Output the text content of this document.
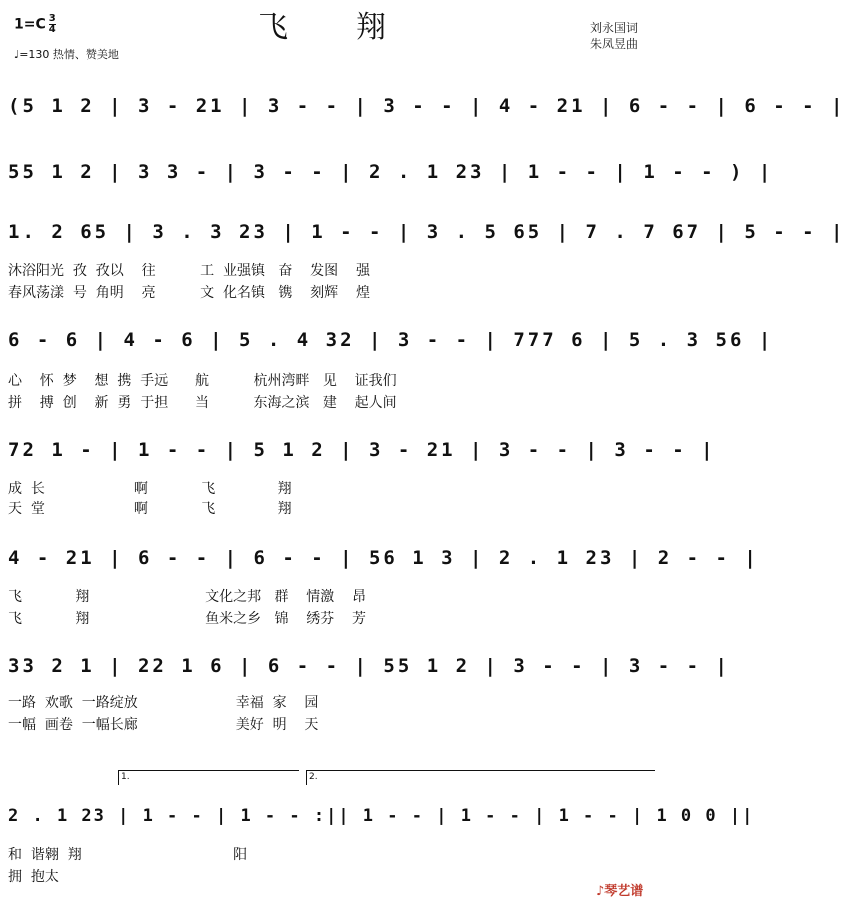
$1=C \frac{3}{4}$
♩=130 热情、赞美地
飞翔	刘永国词
朱凤昱曲
(5 1 2 | 3 - 21 | 3 - - | 3 - - | 4 - 21 | 6 - - | 6 - - |
55 1 2 | 3 3 - | 3 - - | 2 . 1 23 | 1 - - | 1 - - ) |
1. 2 65 | 3 . 3 23 | 1 - - | 3 . 5 65 | 7 . 7 67 | 5 - - |
沐浴阳光  孜  孜以    往          工  业强镇   奋    发图    强
春风荡漾  号  角明    亮          文  化名镇   镌    刻辉    煌
6 - 6 | 4 - 6 | 5 . 4 32 | 3 - - | 777 6 | 5 . 3 56 |
心    怀  梦    想  携  手远      航          杭州湾畔   见    证我们
拼    搏  创    新  勇  于担      当          东海之滨   建    起人间
72 1 - | 1 - - | 5 1 2 | 3 - 21 | 3 - - | 3 - - |
成  长                    啊            飞              翔
天  堂                    啊            飞              翔
4 - 21 | 6 - - | 6 - - | 56 1 3 | 2 . 1 23 | 2 - - |
飞            翔                          文化之邦   群    情激    昂
飞            翔                          鱼米之乡   锦    绣芬    芳
33 2 1 | 22 1 6 | 6 - - | 55 1 2 | 3 - - | 3 - - |
一路  欢歌  一路绽放                      幸福  家    园
一幅  画卷  一幅长廊                      美好  明    天
1.	2.
2 . 1 23 | 1 - - | 1 - - :|| 1 - - | 1 - - | 1 - - | 1 0 0 ||
和  谐翱  翔                                  阳
拥  抱太
♪琴艺谱
